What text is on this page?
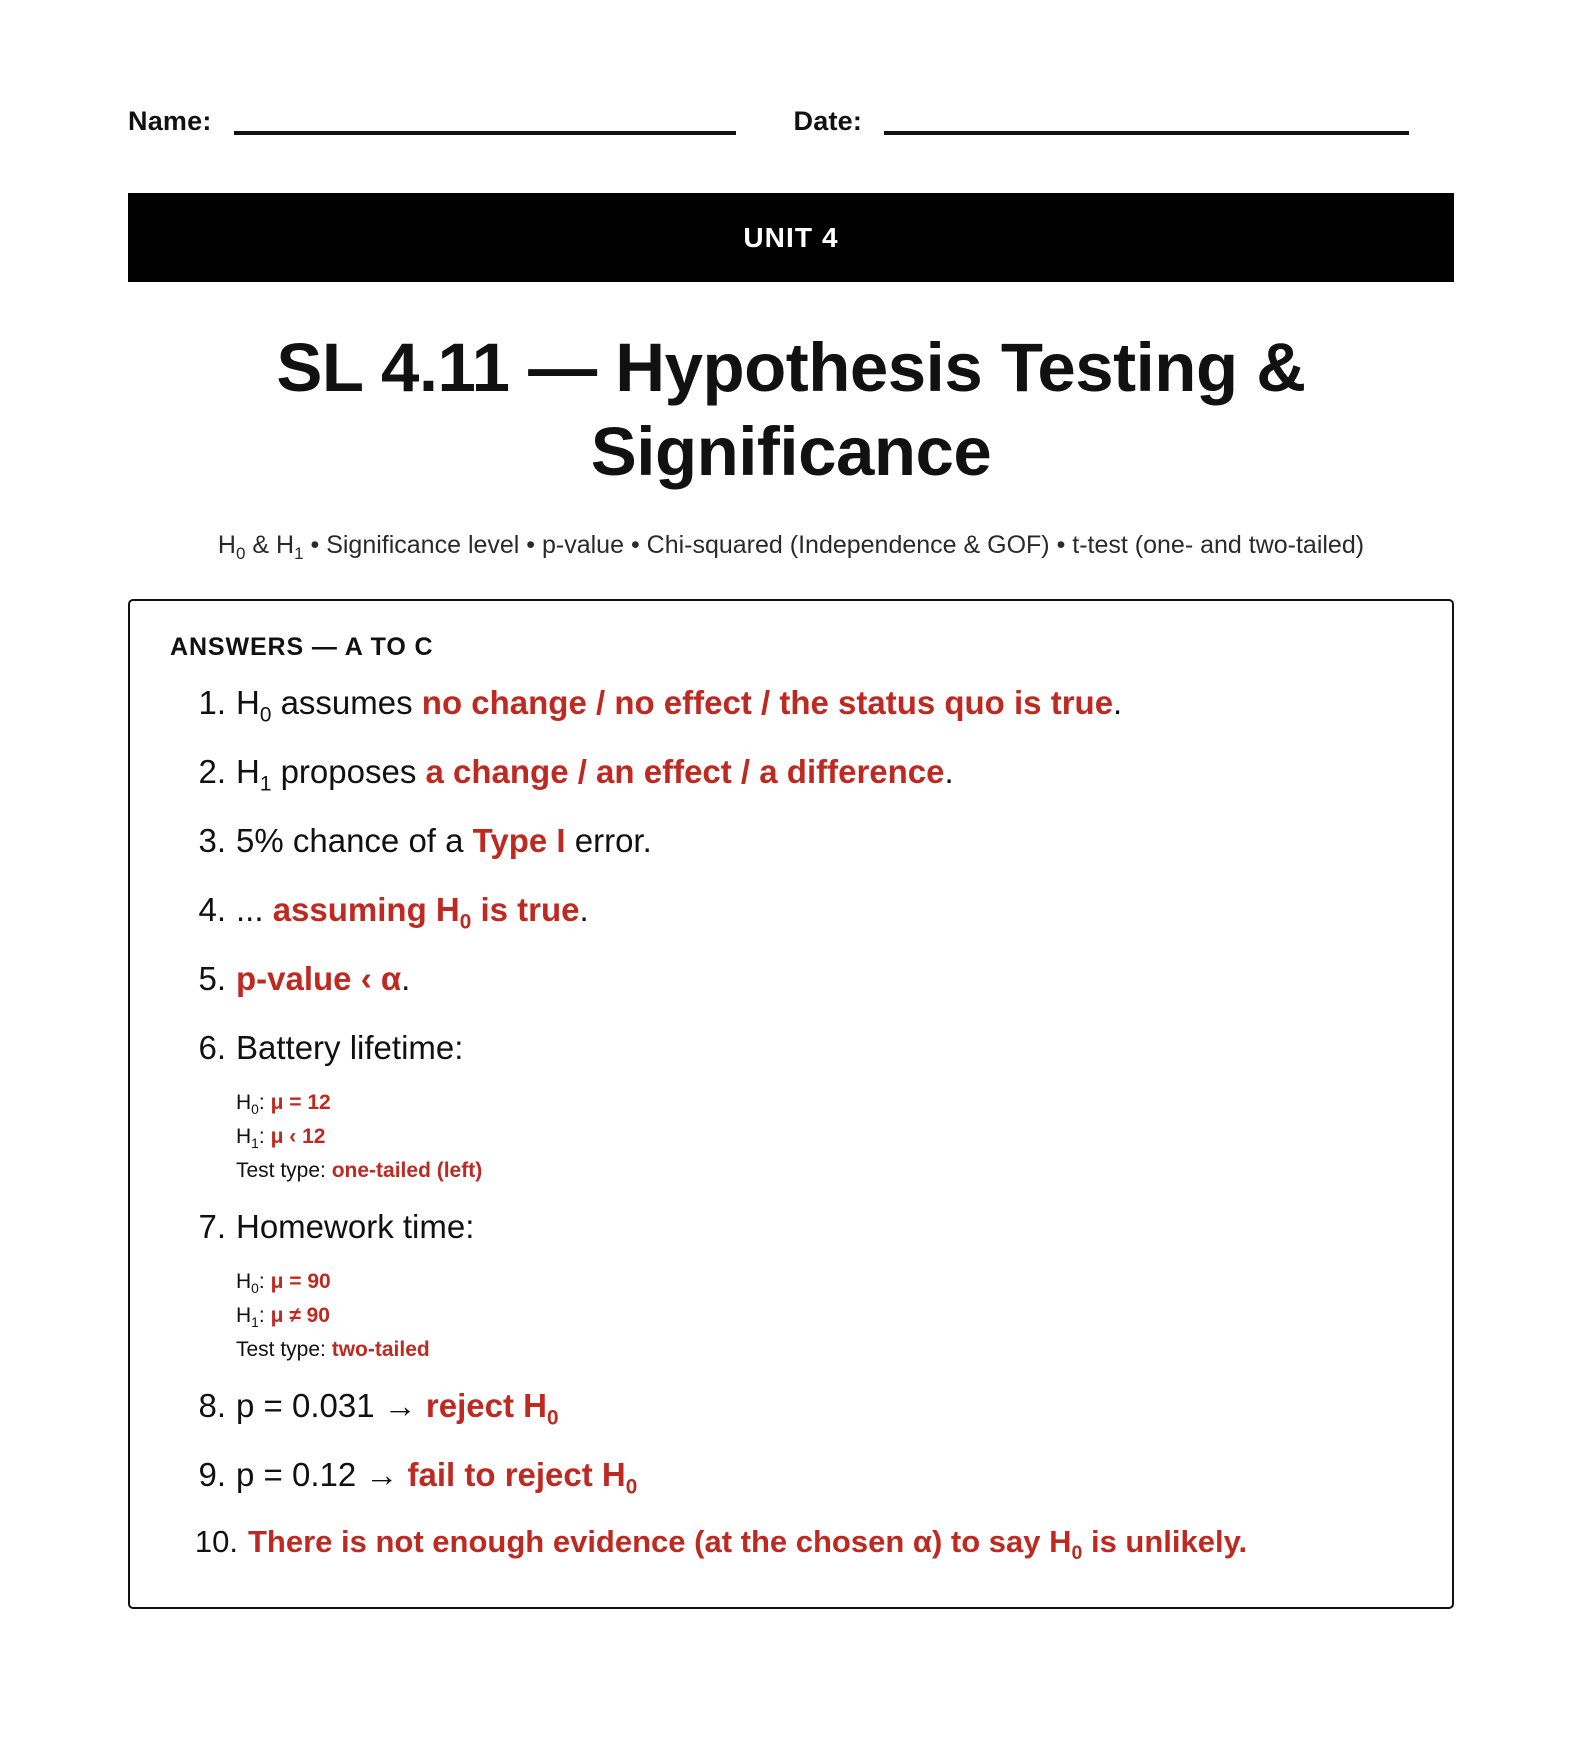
Name:	Date:
UNIT 4
SL 4.11 — Hypothesis Testing & Significance
$H_0$ & $H_1$ • Significance level • p-value • Chi-squared (Independence & GOF) • t-test (one- and two-tailed)
ANSWERS — A TO C
1. $H_0$ assumes no change / no effect / the status quo is true.
2. $H_1$ proposes a change / an effect / a difference.
3. 5% chance of a Type I error.
4. ... assuming $H_0$ is true.
5. p-value ‹ α.
6. Battery lifetime:
$H_0$: μ = 12
$H_1$: μ ‹ 12
Test type: one-tailed (left)
7. Homework time:
$H_0$: μ = 90
$H_1$: μ ≠ 90
Test type: two-tailed
8. p = 0.031 → reject $H_0$
9. p = 0.12 → fail to reject $H_0$
10. There is not enough evidence (at the chosen α) to say $H_0$ is unlikely.
